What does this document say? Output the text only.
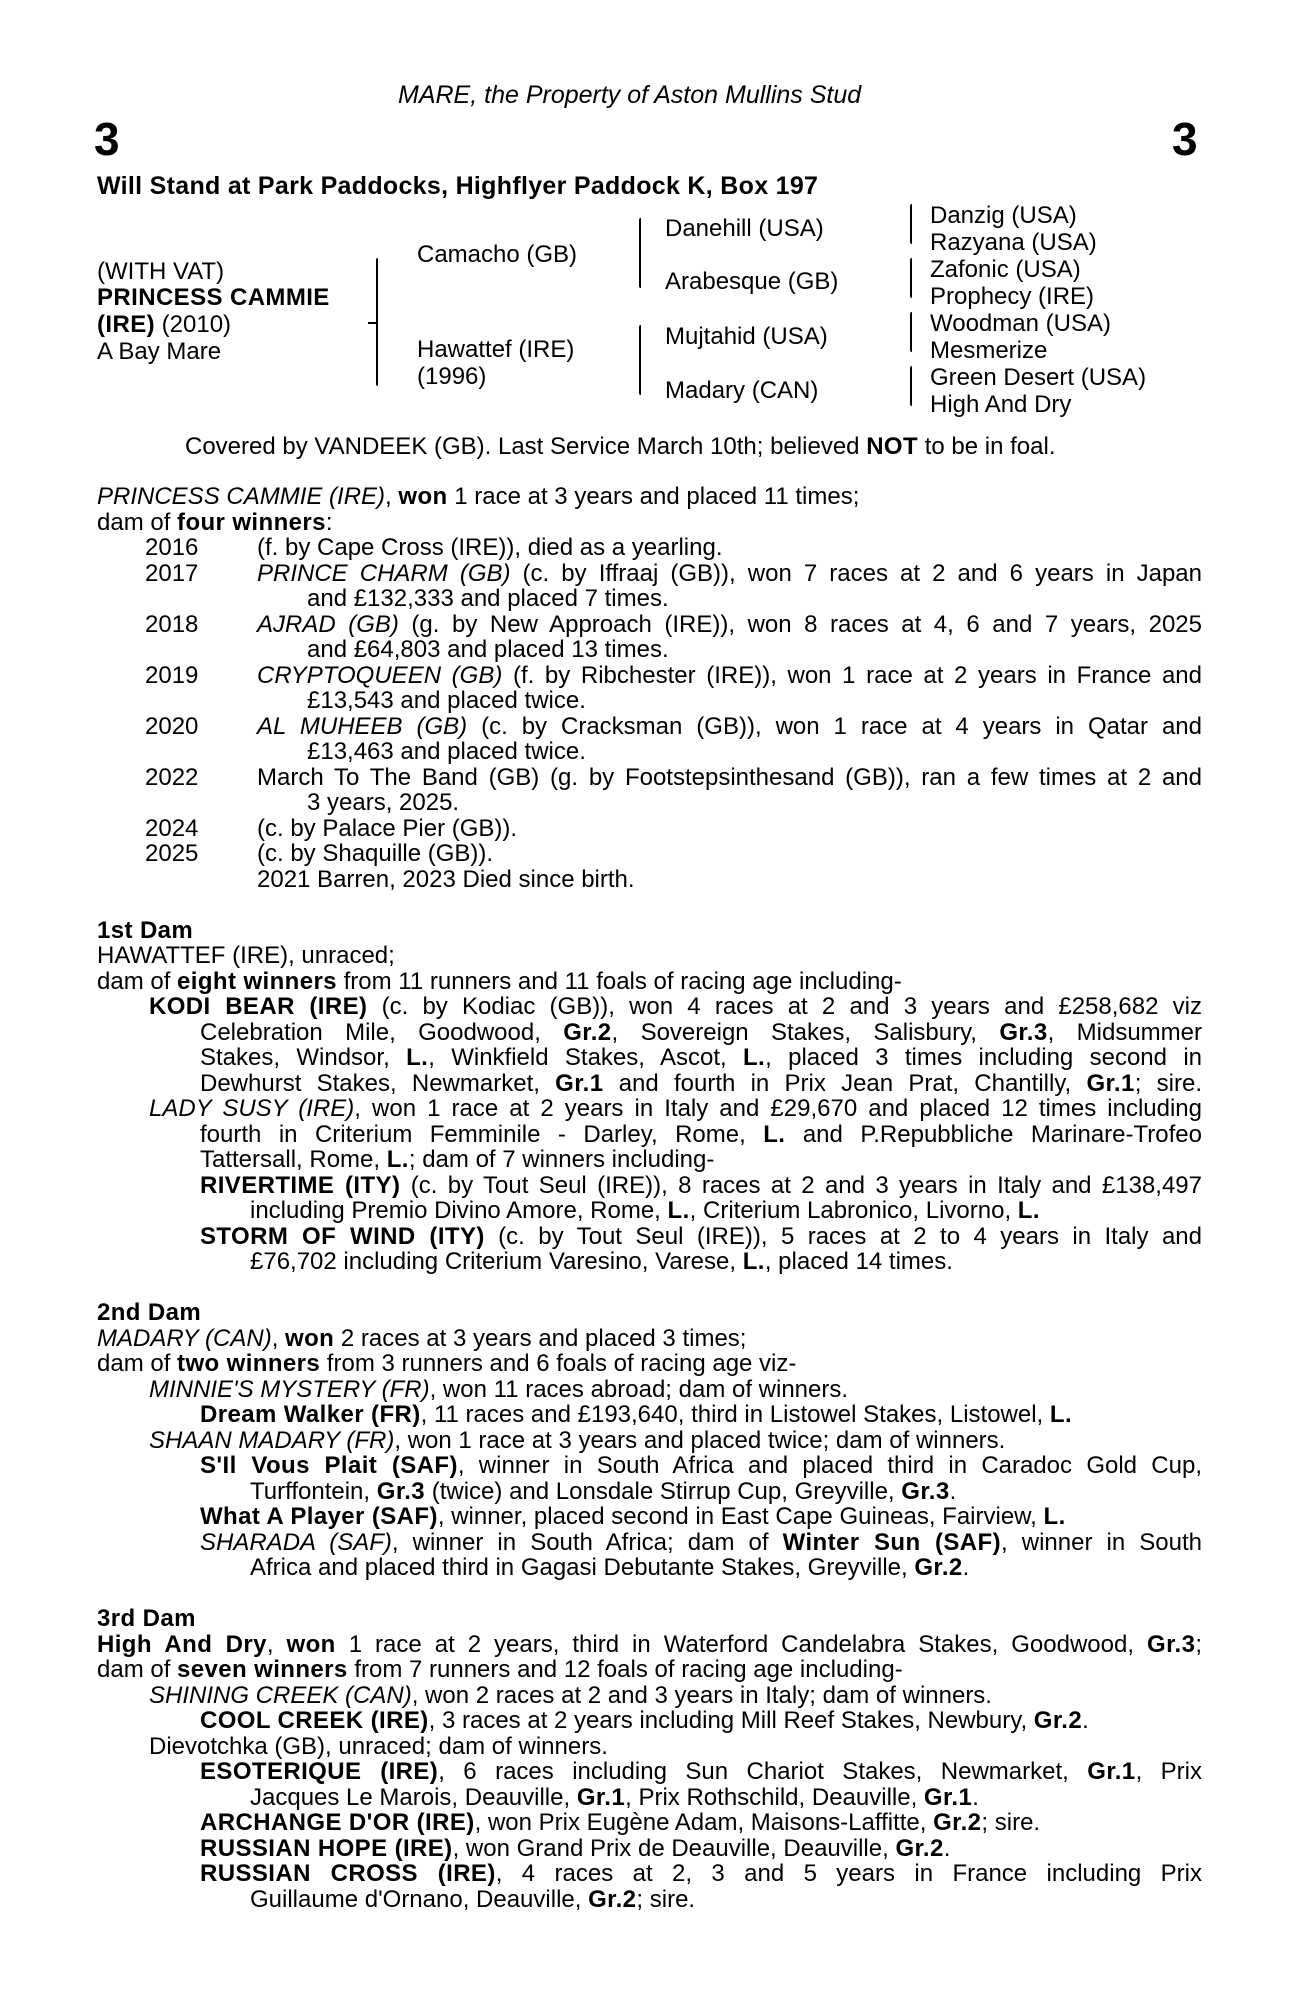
MARE, the Property of Aston Mullins Stud
3	3
Will Stand at Park Paddocks, Highflyer Paddock K, Box 197
(WITH VAT)
PRINCESS CAMMIE
(IRE) (2010)
A Bay Mare
Camacho (GB)
Hawattef (IRE)
(1996)
Danehill (USA)
Arabesque (GB)
Mujtahid (USA)
Madary (CAN)
Danzig (USA)
Razyana (USA)
Zafonic (USA)
Prophecy (IRE)
Woodman (USA)
Mesmerize
Green Desert (USA)
High And Dry
Covered by VANDEEK (GB). Last Service March 10th; believed NOT to be in foal.
PRINCESS CAMMIE (IRE), won 1 race at 3 years and placed 11 times;
dam of four winners:
2016 (f. by Cape Cross (IRE)), died as a yearling.
2017 PRINCE CHARM (GB) (c. by Iffraaj (GB)), won 7 races at 2 and 6 years in Japan
and £132,333 and placed 7 times.
2018 AJRAD (GB) (g. by New Approach (IRE)), won 8 races at 4, 6 and 7 years, 2025
and £64,803 and placed 13 times.
2019 CRYPTOQUEEN (GB) (f. by Ribchester (IRE)), won 1 race at 2 years in France and
£13,543 and placed twice.
2020 AL MUHEEB (GB) (c. by Cracksman (GB)), won 1 race at 4 years in Qatar and
£13,463 and placed twice.
2022 March To The Band (GB) (g. by Footstepsinthesand (GB)), ran a few times at 2 and
3 years, 2025.
2024 (c. by Palace Pier (GB)).
2025 (c. by Shaquille (GB)).
2021 Barren, 2023 Died since birth.
1st Dam
HAWATTEF (IRE), unraced;
dam of eight winners from 11 runners and 11 foals of racing age including-
KODI BEAR (IRE) (c. by Kodiac (GB)), won 4 races at 2 and 3 years and £258,682 viz
Celebration Mile, Goodwood, Gr.2, Sovereign Stakes, Salisbury, Gr.3, Midsummer
Stakes, Windsor, L., Winkfield Stakes, Ascot, L., placed 3 times including second in
Dewhurst Stakes, Newmarket, Gr.1 and fourth in Prix Jean Prat, Chantilly, Gr.1; sire.
LADY SUSY (IRE), won 1 race at 2 years in Italy and £29,670 and placed 12 times including
fourth in Criterium Femminile - Darley, Rome, L. and P.Repubbliche Marinare-Trofeo
Tattersall, Rome, L.; dam of 7 winners including-
RIVERTIME (ITY) (c. by Tout Seul (IRE)), 8 races at 2 and 3 years in Italy and £138,497
including Premio Divino Amore, Rome, L., Criterium Labronico, Livorno, L.
STORM OF WIND (ITY) (c. by Tout Seul (IRE)), 5 races at 2 to 4 years in Italy and
£76,702 including Criterium Varesino, Varese, L., placed 14 times.
2nd Dam
MADARY (CAN), won 2 races at 3 years and placed 3 times;
dam of two winners from 3 runners and 6 foals of racing age viz-
MINNIE'S MYSTERY (FR), won 11 races abroad; dam of winners.
Dream Walker (FR), 11 races and £193,640, third in Listowel Stakes, Listowel, L.
SHAAN MADARY (FR), won 1 race at 3 years and placed twice; dam of winners.
S'Il Vous Plait (SAF), winner in South Africa and placed third in Caradoc Gold Cup,
Turffontein, Gr.3 (twice) and Lonsdale Stirrup Cup, Greyville, Gr.3.
What A Player (SAF), winner, placed second in East Cape Guineas, Fairview, L.
SHARADA (SAF), winner in South Africa; dam of Winter Sun (SAF), winner in South
Africa and placed third in Gagasi Debutante Stakes, Greyville, Gr.2.
3rd Dam
High And Dry, won 1 race at 2 years, third in Waterford Candelabra Stakes, Goodwood, Gr.3;
dam of seven winners from 7 runners and 12 foals of racing age including-
SHINING CREEK (CAN), won 2 races at 2 and 3 years in Italy; dam of winners.
COOL CREEK (IRE), 3 races at 2 years including Mill Reef Stakes, Newbury, Gr.2.
Dievotchka (GB), unraced; dam of winners.
ESOTERIQUE (IRE), 6 races including Sun Chariot Stakes, Newmarket, Gr.1, Prix
Jacques Le Marois, Deauville, Gr.1, Prix Rothschild, Deauville, Gr.1.
ARCHANGE D'OR (IRE), won Prix Eugène Adam, Maisons-Laffitte, Gr.2; sire.
RUSSIAN HOPE (IRE), won Grand Prix de Deauville, Deauville, Gr.2.
RUSSIAN CROSS (IRE), 4 races at 2, 3 and 5 years in France including Prix
Guillaume d'Ornano, Deauville, Gr.2; sire.
